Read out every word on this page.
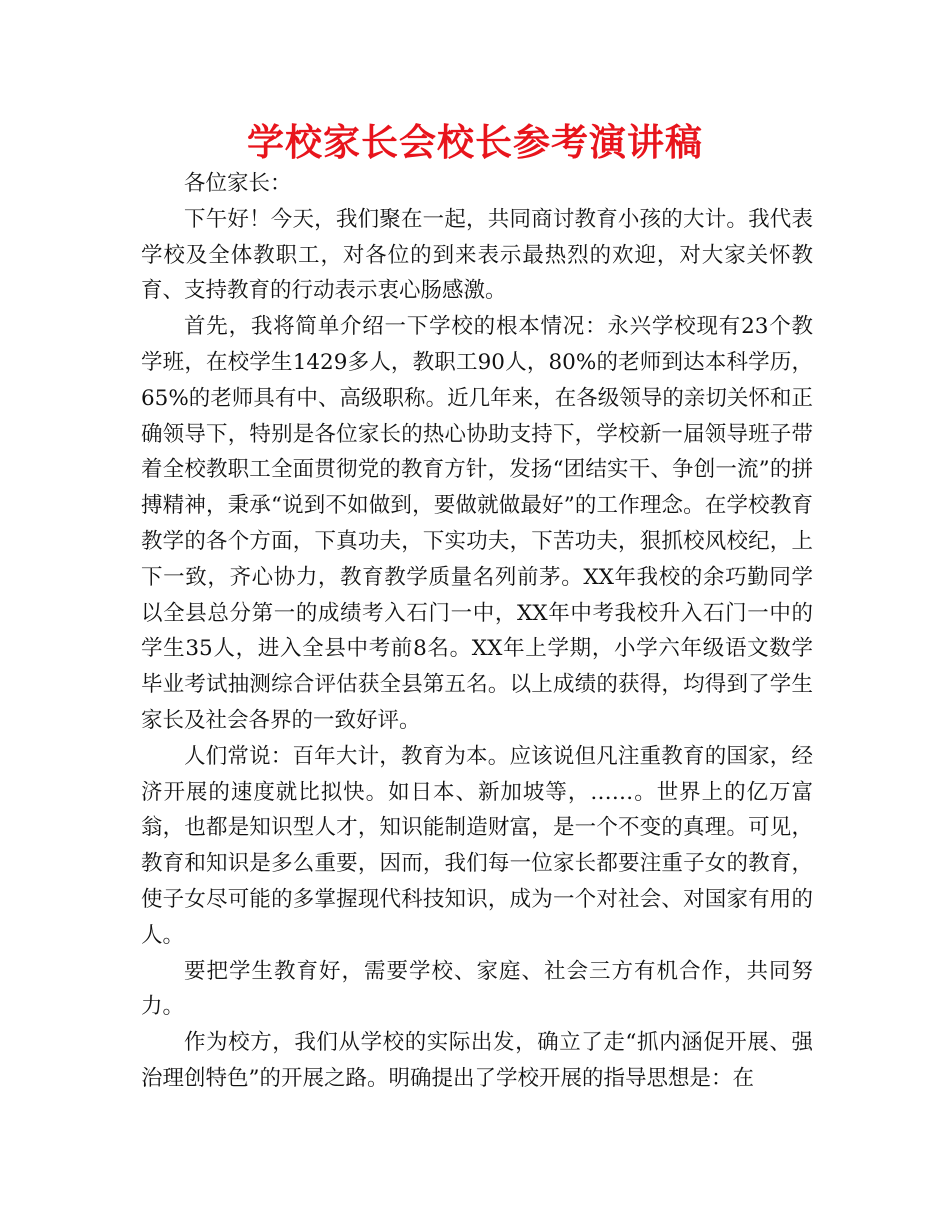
学校家长会校长参考演讲稿

各位家长：

下午好！今天，我们聚在一起，共同商讨教育小孩的大计。我代表学校及全体教职工，对各位的到来表示最热烈的欢迎，对大家关怀教育、支持教育的行动表示衷心肠感激。

首先，我将简单介绍一下学校的根本情况：永兴学校现有23个教学班，在校学生1429多人，教职工90人，80%的老师到达本科学历，65%的老师具有中、高级职称。近几年来，在各级领导的亲切关怀和正确领导下，特别是各位家长的热心协助支持下，学校新一届领导班子带着全校教职工全面贯彻党的教育方针，发扬“团结实干、争创一流”的拼搏精神，秉承“说到不如做到，要做就做最好”的工作理念。在学校教育教学的各个方面，下真功夫，下实功夫，下苦功夫，狠抓校风校纪，上下一致，齐心协力，教育教学质量名列前茅。XX年我校的余巧勤同学以全县总分第一的成绩考入石门一中，XX年中考我校升入石门一中的学生35人，进入全县中考前8名。XX年上学期，小学六年级语文数学毕业考试抽测综合评估获全县第五名。以上成绩的获得，均得到了学生家长及社会各界的一致好评。

人们常说：百年大计，教育为本。应该说但凡注重教育的国家，经济开展的速度就比拟快。如日本、新加坡等，……。世界上的亿万富翁，也都是知识型人才，知识能制造财富，是一个不变的真理。可见，教育和知识是多么重要，因而，我们每一位家长都要注重子女的教育，使子女尽可能的多掌握现代科技知识，成为一个对社会、对国家有用的人。

要把学生教育好，需要学校、家庭、社会三方有机合作，共同努力。

作为校方，我们从学校的实际出发，确立了走“抓内涵促开展、强治理创特色”的开展之路。明确提出了学校开展的指导思想是：在
